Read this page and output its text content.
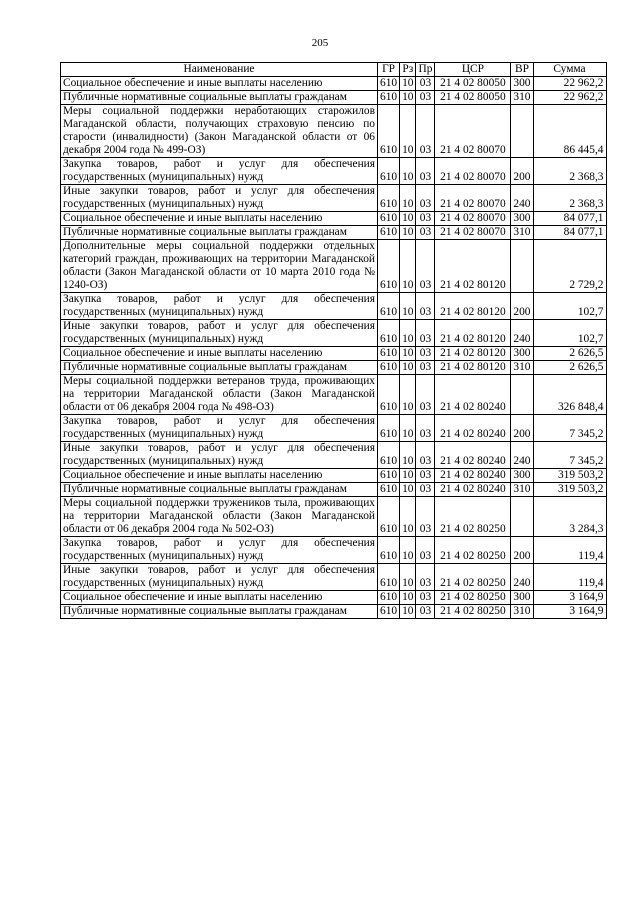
205
Наименование	ГР	Рз	Пр	ЦСР	ВР	Сумма
Социальное обеспечение и иные выплаты населению	610	10	03	21 4 02 80050	300	22 962,2
Публичные нормативные социальные выплаты гражданам	610	10	03	21 4 02 80050	310	22 962,2
Меры социальной поддержки неработающих старожилов Магаданской области, получающих страховую пенсию по старости (инвалидности) (Закон Магаданской области от 06 декабря 2004 года № 499-ОЗ)	610	10	03	21 4 02 80070		86 445,4
Закупка товаров, работ и услуг для обеспечения государственных (муниципальных) нужд	610	10	03	21 4 02 80070	200	2 368,3
Иные закупки товаров, работ и услуг для обеспечения государственных (муниципальных) нужд	610	10	03	21 4 02 80070	240	2 368,3
Социальное обеспечение и иные выплаты населению	610	10	03	21 4 02 80070	300	84 077,1
Публичные нормативные социальные выплаты гражданам	610	10	03	21 4 02 80070	310	84 077,1
Дополнительные меры социальной поддержки отдельных категорий граждан, проживающих на территории Магаданской области (Закон Магаданской области от 10 марта 2010 года № 1240-ОЗ)	610	10	03	21 4 02 80120		2 729,2
Закупка товаров, работ и услуг для обеспечения государственных (муниципальных) нужд	610	10	03	21 4 02 80120	200	102,7
Иные закупки товаров, работ и услуг для обеспечения государственных (муниципальных) нужд	610	10	03	21 4 02 80120	240	102,7
Социальное обеспечение и иные выплаты населению	610	10	03	21 4 02 80120	300	2 626,5
Публичные нормативные социальные выплаты гражданам	610	10	03	21 4 02 80120	310	2 626,5
Меры социальной поддержки ветеранов труда, проживающих на территории Магаданской области (Закон Магаданской области от 06 декабря 2004 года № 498-ОЗ)	610	10	03	21 4 02 80240		326 848,4
Закупка товаров, работ и услуг для обеспечения государственных (муниципальных) нужд	610	10	03	21 4 02 80240	200	7 345,2
Иные закупки товаров, работ и услуг для обеспечения государственных (муниципальных) нужд	610	10	03	21 4 02 80240	240	7 345,2
Социальное обеспечение и иные выплаты населению	610	10	03	21 4 02 80240	300	319 503,2
Публичные нормативные социальные выплаты гражданам	610	10	03	21 4 02 80240	310	319 503,2
Меры социальной поддержки тружеников тыла, проживающих на территории Магаданской области (Закон Магаданской области от 06 декабря 2004 года № 502-ОЗ)	610	10	03	21 4 02 80250		3 284,3
Закупка товаров, работ и услуг для обеспечения государственных (муниципальных) нужд	610	10	03	21 4 02 80250	200	119,4
Иные закупки товаров, работ и услуг для обеспечения государственных (муниципальных) нужд	610	10	03	21 4 02 80250	240	119,4
Социальное обеспечение и иные выплаты населению	610	10	03	21 4 02 80250	300	3 164,9
Публичные нормативные социальные выплаты гражданам	610	10	03	21 4 02 80250	310	3 164,9
